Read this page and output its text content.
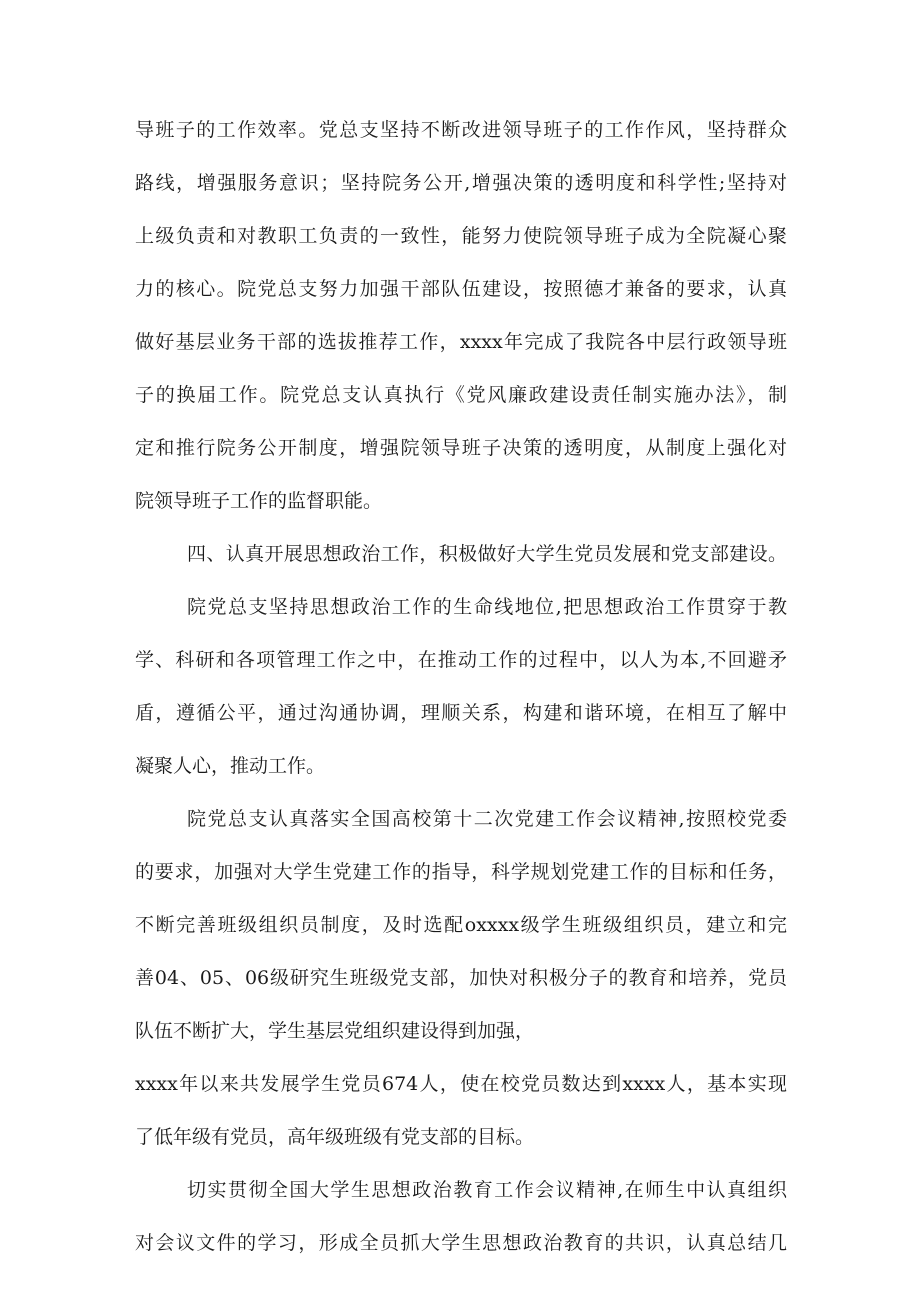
导班子的工作效率。党总支坚持不断改进领导班子的工作作风，坚持群众
路线，增强服务意识；坚持院务公开,增强决策的透明度和科学性;坚持对
上级负责和对教职工负责的一致性，能努力使院领导班子成为全院凝心聚
力的核心。院党总支努力加强干部队伍建设，按照德才兼备的要求，认真
做好基层业务干部的选拔推荐工作，xxxx年完成了我院各中层行政领导班
子的换届工作。院党总支认真执行《党风廉政建设责任制实施办法》，制
定和推行院务公开制度，增强院领导班子决策的透明度，从制度上强化对
院领导班子工作的监督职能。
四、认真开展思想政治工作，积极做好大学生党员发展和党支部建设。
院党总支坚持思想政治工作的生命线地位,把思想政治工作贯穿于教
学、科研和各项管理工作之中，在推动工作的过程中，以人为本,不回避矛
盾，遵循公平，通过沟通协调，理顺关系，构建和谐环境，在相互了解中
凝聚人心，推动工作。
院党总支认真落实全国高校第十二次党建工作会议精神,按照校党委
的要求，加强对大学生党建工作的指导，科学规划党建工作的目标和任务，
不断完善班级组织员制度，及时选配oxxxx级学生班级组织员，建立和完
善04、05、06级研究生班级党支部，加快对积极分子的教育和培养，党员
队伍不断扩大，学生基层党组织建设得到加强，
xxxx年以来共发展学生党员674人，使在校党员数达到xxxx人，基本实现
了低年级有党员，高年级班级有党支部的目标。
切实贯彻全国大学生思想政治教育工作会议精神,在师生中认真组织
对会议文件的学习，形成全员抓大学生思想政治教育的共识，认真总结几
